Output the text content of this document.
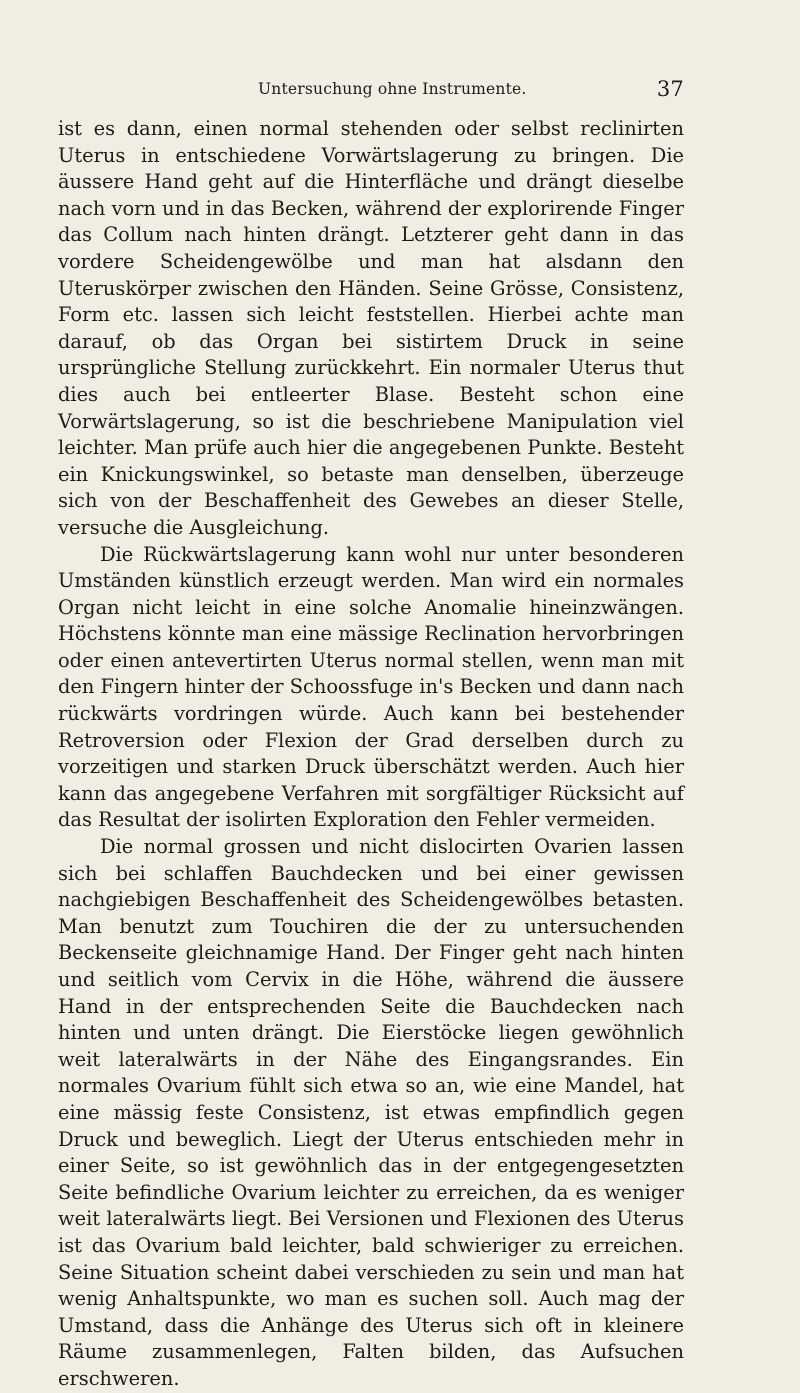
Untersuchung ohne Instrumente.	37

ist es dann, einen normal stehenden oder selbst reclinirten Uterus in entschiedene Vorwärtslagerung zu bringen. Die äussere Hand geht auf die Hinterfläche und drängt dieselbe nach vorn und in das Becken, während der explorirende Finger das Collum nach hinten drängt. Letzterer geht dann in das vordere Scheidengewölbe und man hat alsdann den Uteruskörper zwischen den Händen. Seine Grösse, Consistenz, Form etc. lassen sich leicht feststellen. Hierbei achte man darauf, ob das Organ bei sistirtem Druck in seine ursprüngliche Stellung zurückkehrt. Ein normaler Uterus thut dies auch bei entleerter Blase. Besteht schon eine Vorwärtslagerung, so ist die beschriebene Manipulation viel leichter. Man prüfe auch hier die angegebenen Punkte. Besteht ein Knickungswinkel, so betaste man denselben, überzeuge sich von der Beschaffenheit des Gewebes an dieser Stelle, versuche die Ausgleichung.

Die Rückwärtslagerung kann wohl nur unter besonderen Umständen künstlich erzeugt werden. Man wird ein normales Organ nicht leicht in eine solche Anomalie hineinzwängen. Höchstens könnte man eine mässige Reclination hervorbringen oder einen antevertirten Uterus normal stellen, wenn man mit den Fingern hinter der Schoossfuge in's Becken und dann nach rückwärts vordringen würde. Auch kann bei bestehender Retroversion oder Flexion der Grad derselben durch zu vorzeitigen und starken Druck überschätzt werden. Auch hier kann das angegebene Verfahren mit sorgfältiger Rücksicht auf das Resultat der isolirten Exploration den Fehler vermeiden.

Die normal grossen und nicht dislocirten Ovarien lassen sich bei schlaffen Bauchdecken und bei einer gewissen nachgiebigen Beschaffenheit des Scheidengewölbes betasten. Man benutzt zum Touchiren die der zu untersuchenden Beckenseite gleichnamige Hand. Der Finger geht nach hinten und seitlich vom Cervix in die Höhe, während die äussere Hand in der entsprechenden Seite die Bauchdecken nach hinten und unten drängt. Die Eierstöcke liegen gewöhnlich weit lateralwärts in der Nähe des Eingangsrandes. Ein normales Ovarium fühlt sich etwa so an, wie eine Mandel, hat eine mässig feste Consistenz, ist etwas empfindlich gegen Druck und beweglich. Liegt der Uterus entschieden mehr in einer Seite, so ist gewöhnlich das in der entgegengesetzten Seite befindliche Ovarium leichter zu erreichen, da es weniger weit lateralwärts liegt. Bei Versionen und Flexionen des Uterus ist das Ovarium bald leichter, bald schwieriger zu erreichen. Seine Situation scheint dabei verschieden zu sein und man hat wenig Anhaltspunkte, wo man es suchen soll. Auch mag der Umstand, dass die Anhänge des Uterus sich oft in kleinere Räume zusammenlegen, Falten bilden, das Aufsuchen erschweren.
